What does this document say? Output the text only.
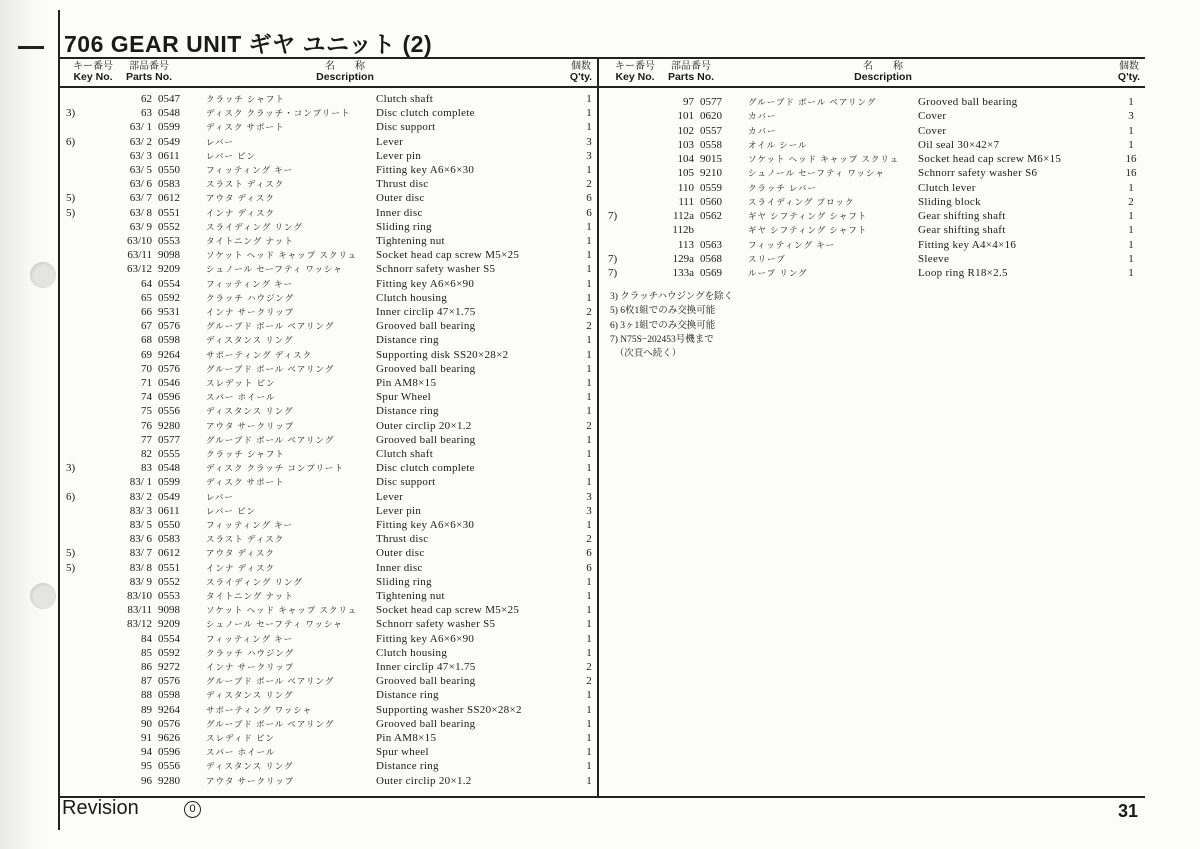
706 GEAR UNIT ギヤ ユニット (2)
キー番号
Key No.
部品番号
Parts No.
名　　称
Description
個数
Q'ty.
キー番号
Key No.
部品番号
Parts No.
名　　称
Description
個数
Q'ty.
62 0547	クラッチ シャフト	Clutch shaft	1
3)	63 0548	ディスク クラッチ・コンプリート Disc clutch complete	1
63/ 1 0599	ディスク サポート	Disc support	1
6)	63/ 2 0549	レバー	Lever	3
63/ 3 0611	レバー ピン	Lever pin	3
63/ 5 0550	フィッティング キー	Fitting key A6×6×30	1
63/ 6 0583	スラスト ディスク	Thrust disc	2
5)	63/ 7 0612	アウタ ディスク	Outer disc	6
5)	63/ 8 0551	インナ ディスク	Inner disc	6
63/ 9 0552	スライディング リング	Sliding ring	1
63/10 0553	タイトニング ナット	Tightening nut	1
63/11 9098	ソケット ヘッド キャップ スクリュ Socket head cap screw M5×25	1
63/12 9209	シュノール セーフティ ワッシャ	Schnorr safety washer S5	1
64 0554	フィッティング キー	Fitting key A6×6×90	1
65 0592	クラッチ ハウジング	Clutch housing	1
66 9531	インナ サークリップ	Inner circlip 47×1.75	2
67 0576	グルーブド ボール ベアリング	Grooved ball bearing	2
68 0598	ディスタンス リング	Distance ring	1
69 9264	サポーティング ディスク	Supporting disk SS20×28×2	1
70 0576	グルーブド ボール ベアリング	Grooved ball bearing	1
71 0546	スレデット ピン	Pin AM8×15	1
74 0596	スパー ホイール	Spur Wheel	1
75 0556	ディスタンス リング	Distance ring	1
76 9280	アウタ サークリップ	Outer circlip 20×1.2	2
77 0577	グルーブド ボール ベアリング	Grooved ball bearing	1
82 0555	クラッチ シャフト	Clutch shaft	1
3)	83 0548	ディスク クラッチ コンプリート	Disc clutch complete	1
83/ 1 0599	ディスク サポート	Disc support	1
6)	83/ 2 0549	レバー	Lever	3
83/ 3 0611	レバー ピン	Lever pin	3
83/ 5 0550	フィッティング キー	Fitting key A6×6×30	1
83/ 6 0583	スラスト ディスク	Thrust disc	2
5)	83/ 7 0612	アウタ ディスク	Outer disc	6
5)	83/ 8 0551	インナ ディスク	Inner disc	6
83/ 9 0552	スライディング リング	Sliding ring	1
83/10 0553	タイトニング ナット	Tightening nut	1
83/11 9098	ソケット ヘッド キャップ スクリュ Socket head cap screw M5×25	1
83/12 9209	シュノール セーフティ ワッシャ	Schnorr safety washer S5	1
84 0554	フィッティング キー	Fitting key A6×6×90	1
85 0592	クラッチ ハウジング	Clutch housing	1
86 9272	インナ サークリップ	Inner circlip 47×1.75	2
87 0576	グルーブド ボール ベアリング	Grooved ball bearing	2
88 0598	ディスタンス リング	Distance ring	1
89 9264	サポーティング ワッシャ	Supporting washer SS20×28×2	1
90 0576	グルーブド ボール ベアリング	Grooved ball bearing	1
91 9626	スレディド ピン	Pin AM8×15	1
94 0596	スパー ホイール	Spur wheel	1
95 0556	ディスタンス リング	Distance ring	1
96 9280	アウタ サークリップ	Outer circlip 20×1.2	1
97 0577	グルーブド ボール ベアリング	Grooved ball bearing	1
101 0620	カバー	Cover	3
102 0557	カバー	Cover	1
103 0558	オイル シール	Oil seal 30×42×7	1
104 9015	ソケット ヘッド キャップ スクリュ Socket head cap screw M6×15	16
105 9210	シュノール セーフティ ワッシャ	Schnorr safety washer S6	16
110 0559	クラッチ レバー	Clutch lever	1
111 0560	スライディング ブロック	Sliding block	2
7)	112a 0562	ギヤ シフティング シャフト	Gear shifting shaft	1
112b	ギヤ シフティング シャフト	Gear shifting shaft	1
113 0563	フィッティング キー	Fitting key A4×4×16	1
7)	129a 0568	スリーブ	Sleeve	1
7)	133a 0569	ループ リング	Loop ring R18×2.5	1
3) クラッチハウジングを除く
5) 6枚1組でのみ交換可能
6) 3ヶ1組でのみ交換可能
7) N75S−202453号機まで
　（次頁へ続く）
Revision	0	31
